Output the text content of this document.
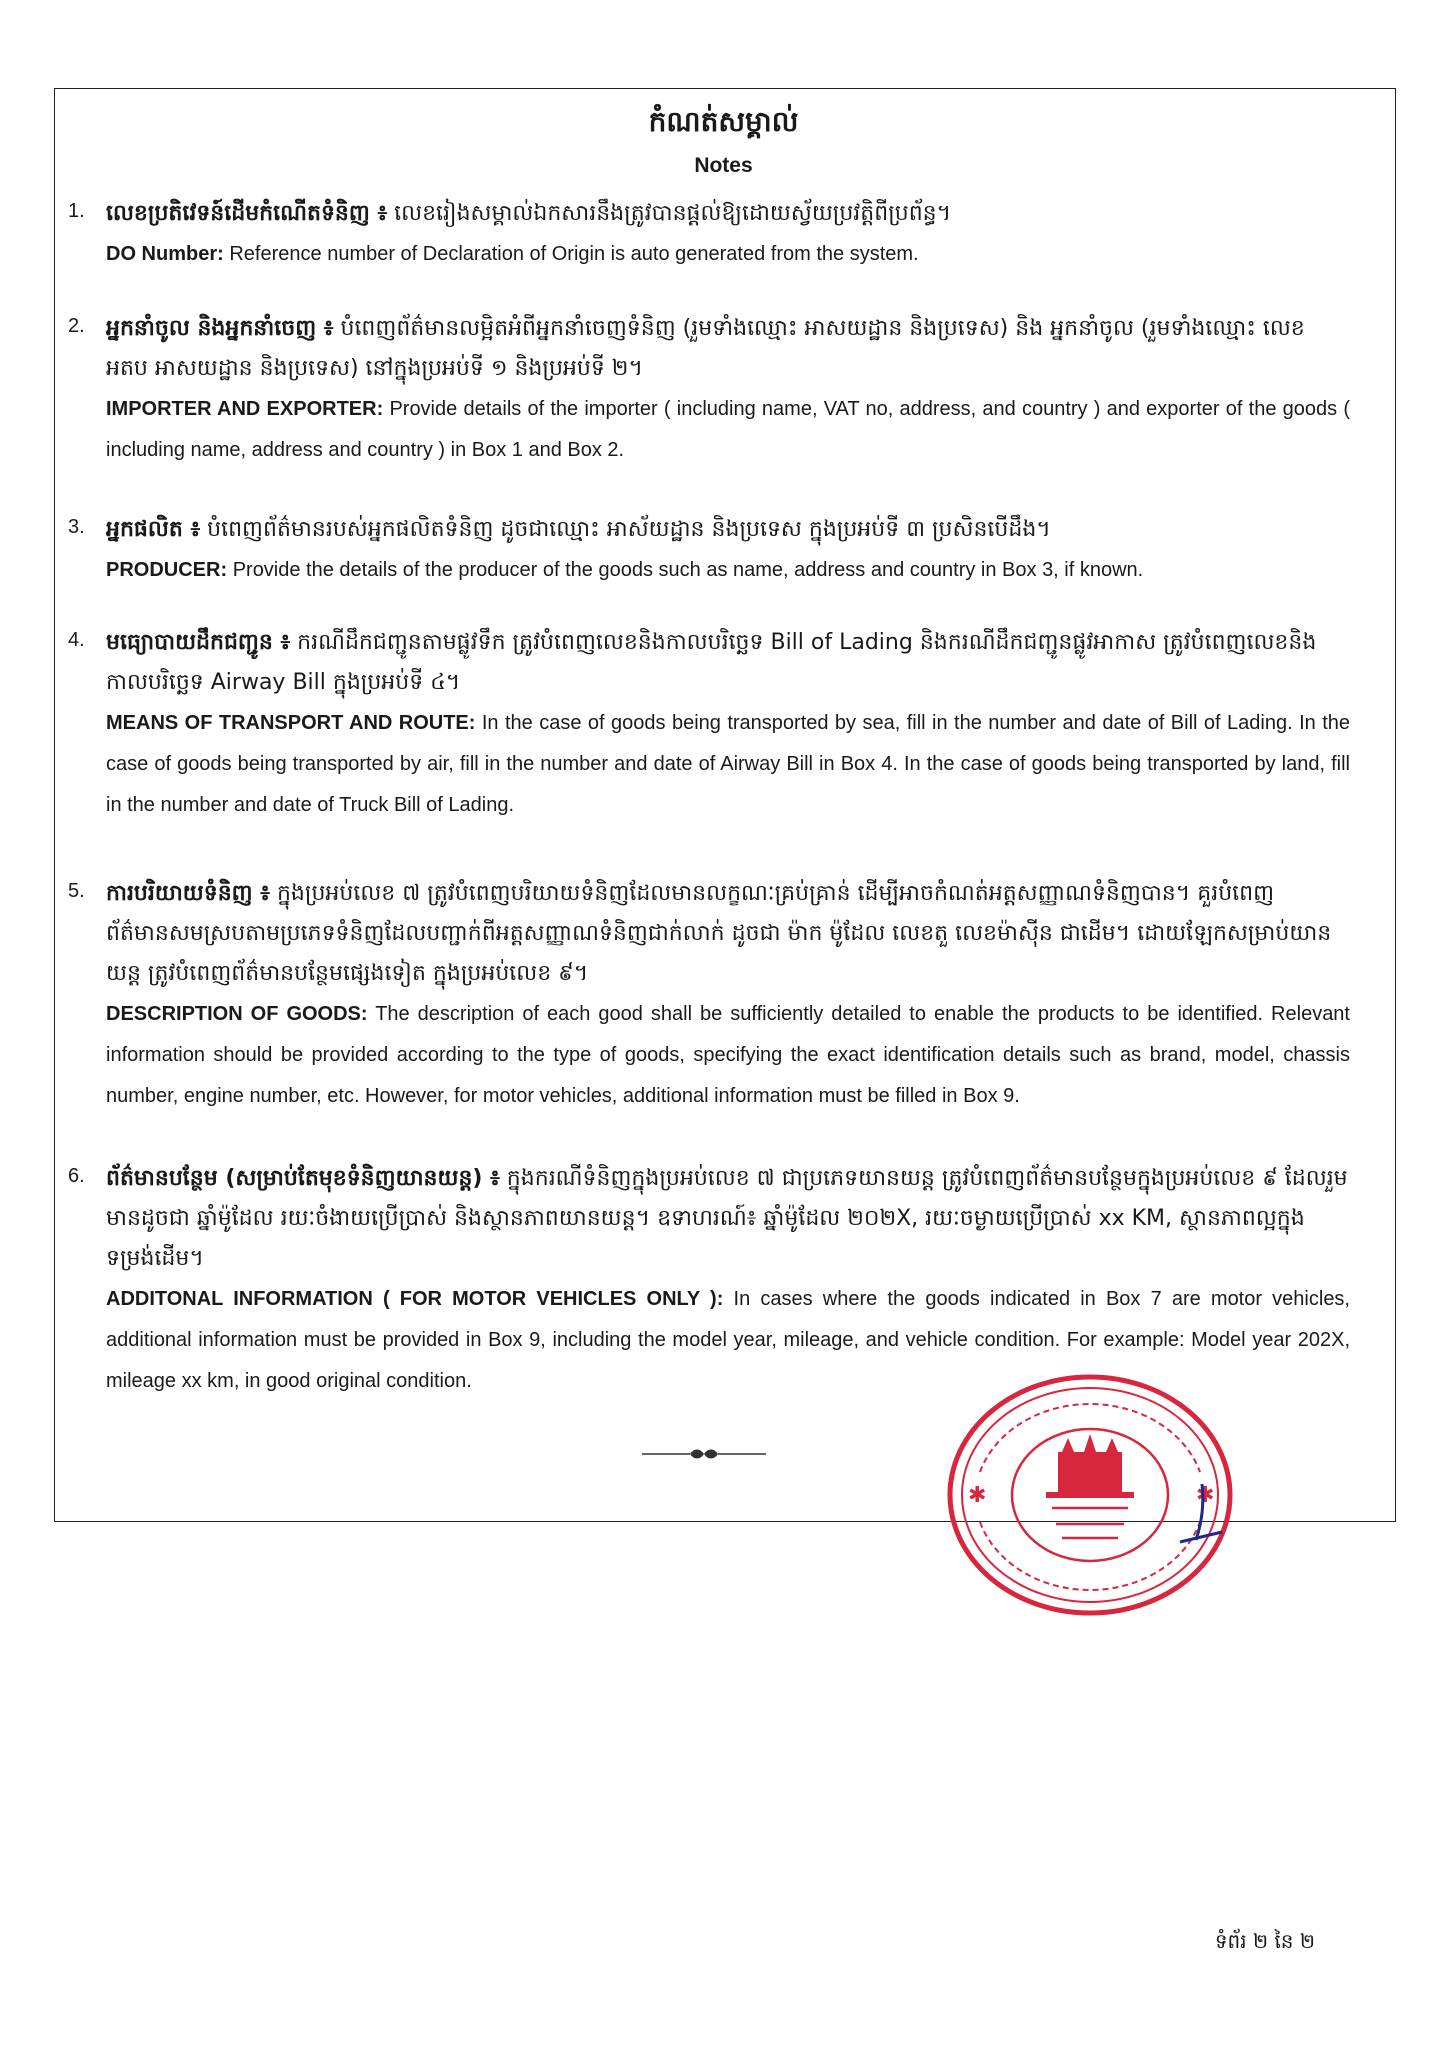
កំណត់សម្គាល់
Notes
1. លេខប្រតិវេទន៍ដើមកំណើតទំនិញ ៖ លេខរៀងសម្គាល់ឯកសារនឹងត្រូវបានផ្តល់ឱ្យដោយស្វ័យប្រវត្តិពីប្រព័ន្ធ។
DO Number: Reference number of Declaration of Origin is auto generated from the system.
2. អ្នកនាំចូល និងអ្នកនាំចេញ ៖ បំពេញព័ត៌មានលម្អិតអំពីអ្នកនាំចេញទំនិញ (រួមទាំងឈ្មោះ អាសយដ្ឋាន និងប្រទេស) និង អ្នកនាំចូល (រួមទាំងឈ្មោះ លេខ អតប អាសយដ្ឋាន និងប្រទេស) នៅក្នុងប្រអប់ទី ១ និងប្រអប់ទី ២។
IMPORTER AND EXPORTER: Provide details of the importer ( including name, VAT no, address, and country ) and exporter of the goods ( including name, address and country ) in Box 1 and Box 2.
3. អ្នកផលិត ៖ បំពេញព័ត៌មានរបស់អ្នកផលិតទំនិញ ដូចជាឈ្មោះ អាស័យដ្ឋាន និងប្រទេស ក្នុងប្រអប់ទី ៣ ប្រសិនបើដឹង។
PRODUCER: Provide the details of the producer of the goods such as name, address and country in Box 3, if known.
4. មធ្យោបាយដឹកជញ្ជូន ៖ ករណីដឹកជញ្ជូនតាមផ្លូវទឹក ត្រូវបំពេញលេខនិងកាលបរិច្ឆេទ Bill of Lading និងករណីដឹកជញ្ជូនផ្លូវអាកាស ត្រូវបំពេញលេខនិងកាលបរិច្ឆេទ Airway Bill ក្នុងប្រអប់ទី ៤។
MEANS OF TRANSPORT AND ROUTE: In the case of goods being transported by sea, fill in the number and date of Bill of Lading. In the case of goods being transported by air, fill in the number and date of Airway Bill in Box 4. In the case of goods being transported by land, fill in the number and date of Truck Bill of Lading.
5. ការបរិយាយទំនិញ ៖ ក្នុងប្រអប់លេខ ៧ ត្រូវបំពេញបរិយាយទំនិញដែលមានលក្ខណៈគ្រប់គ្រាន់ ដើម្បីអាចកំណត់អត្តសញ្ញាណទំនិញបាន។ គួរបំពេញព័ត៌មានសមស្របតាមប្រភេទទំនិញដែលបញ្ជាក់ពីអត្តសញ្ញាណទំនិញជាក់លាក់ ដូចជា ម៉ាក ម៉ូដែល លេខតួ លេខម៉ាស៊ីន ជាដើម។ ដោយឡែកសម្រាប់យានយន្ត ត្រូវបំពេញព័ត៌មានបន្ថែមផ្សេងទៀត ក្នុងប្រអប់លេខ ៩។
DESCRIPTION OF GOODS: The description of each good shall be sufficiently detailed to enable the products to be identified. Relevant information should be provided according to the type of goods, specifying the exact identification details such as brand, model, chassis number, engine number, etc. However, for motor vehicles, additional information must be filled in Box 9.
6. ព័ត៌មានបន្ថែម (សម្រាប់តែមុខទំនិញយានយន្ត) ៖ ក្នុងករណីទំនិញក្នុងប្រអប់លេខ ៧ ជាប្រភេទយានយន្ត ត្រូវបំពេញព័ត៌មានបន្ថែមក្នុងប្រអប់លេខ ៩ ដែលរួមមានដូចជា ឆ្នាំម៉ូដែល រយៈចំងាយប្រើប្រាស់ និងស្ថានភាពយានយន្ត។ ឧទាហរណ៍៖ ឆ្នាំម៉ូដែល ២០២X, រយៈចម្ងាយប្រើប្រាស់ xx KM, ស្ថានភាពល្អក្នុងទម្រង់ដើម។
ADDITONAL INFORMATION ( FOR MOTOR VEHICLES ONLY ): In cases where the goods indicated in Box 7 are motor vehicles, additional information must be provided in Box 9, including the model year, mileage, and vehicle condition. For example: Model year 202X, mileage xx km, in good original condition.
✱	✱
ទំព័រ ២ នៃ ២
